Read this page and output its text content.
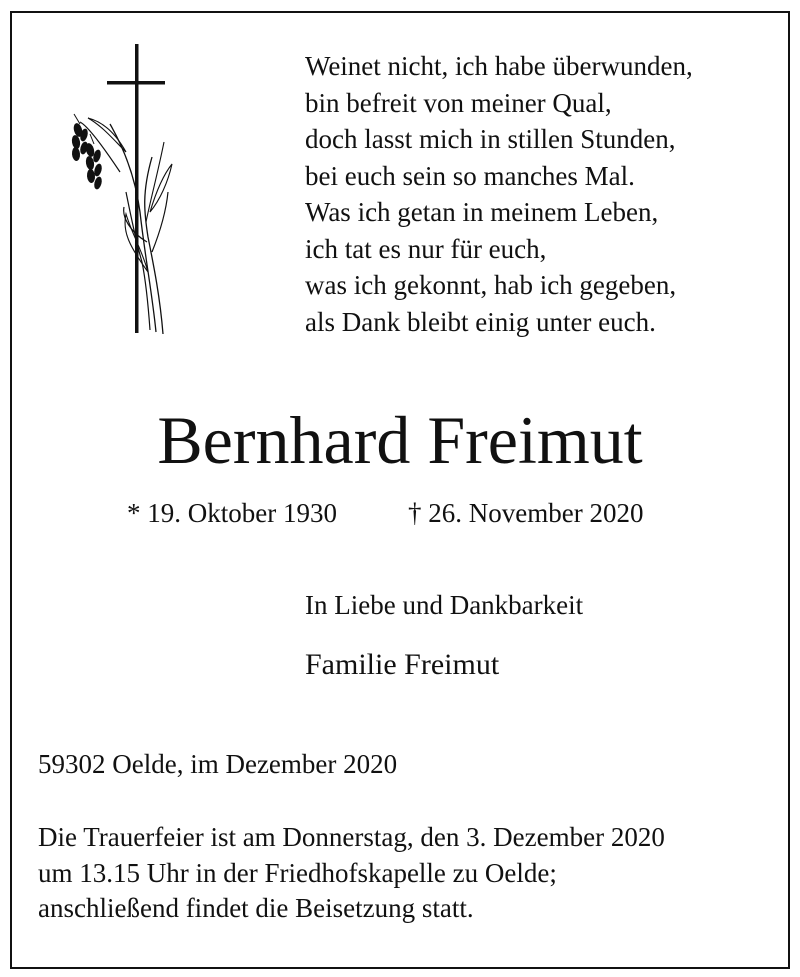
Weinet nicht, ich habe überwunden,
bin befreit von meiner Qual,
doch lasst mich in stillen Stunden,
bei euch sein so manches Mal.
Was ich getan in meinem Leben,
ich tat es nur für euch,
was ich gekonnt, hab ich gegeben,
als Dank bleibt einig unter euch.
Bernhard Freimut
* 19. Oktober 1930	† 26. November 2020
In Liebe und Dankbarkeit
Familie Freimut
59302 Oelde, im Dezember 2020
Die Trauerfeier ist am Donnerstag, den 3. Dezember 2020
um 13.15 Uhr in der Friedhofskapelle zu Oelde;
anschließend findet die Beisetzung statt.
